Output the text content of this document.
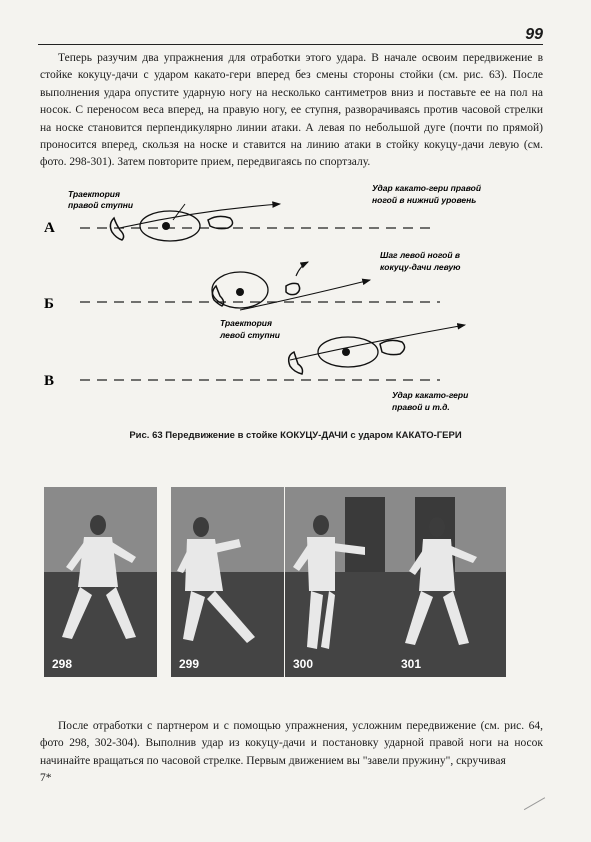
99

Теперь разучим два упражнения для отработки этого удара. В начале освоим передвижение в стойке кокуцу-дачи с ударом какато-гери вперед без смены стороны стойки (см. рис. 63). После выполнения удара опустите ударную ногу на несколько сантиметров вниз и поставьте ее на пол на носок. С переносом веса вперед, на правую ногу, ее ступня, разворачиваясь против часовой стрелки на носке становится перпендикулярно линии атаки. А левая по небольшой дуге (почти по прямой) проносится вперед, скользя на носке и ставится на линию атаки в стойку кокуцу-дачи левую (см. фото. 298-301). Затем повторите прием, передвигаясь по спортзалу.

А
Б
В
Траектория
правой ступни
Удар какато-гери правой
ногой в нижний уровень
Шаг левой ногой в
кокуцу-дачи левую
Траектория
левой ступни
Удар какато-гери
правой и т.д.
Рис. 63 Передвижение в стойке КОКУЦУ-ДАЧИ с ударом КАКАТО-ГЕРИ
298	299	300	301

После отработки с партнером и с помощью упражнения, усложним передвижение (см. рис. 64, фото 298, 302-304). Выполнив удар из кокуцу-дачи и постановку ударной правой ноги на носок начинайте вращаться по часовой стрелке. Первым движением вы "завели пружину", скручивая

7*
